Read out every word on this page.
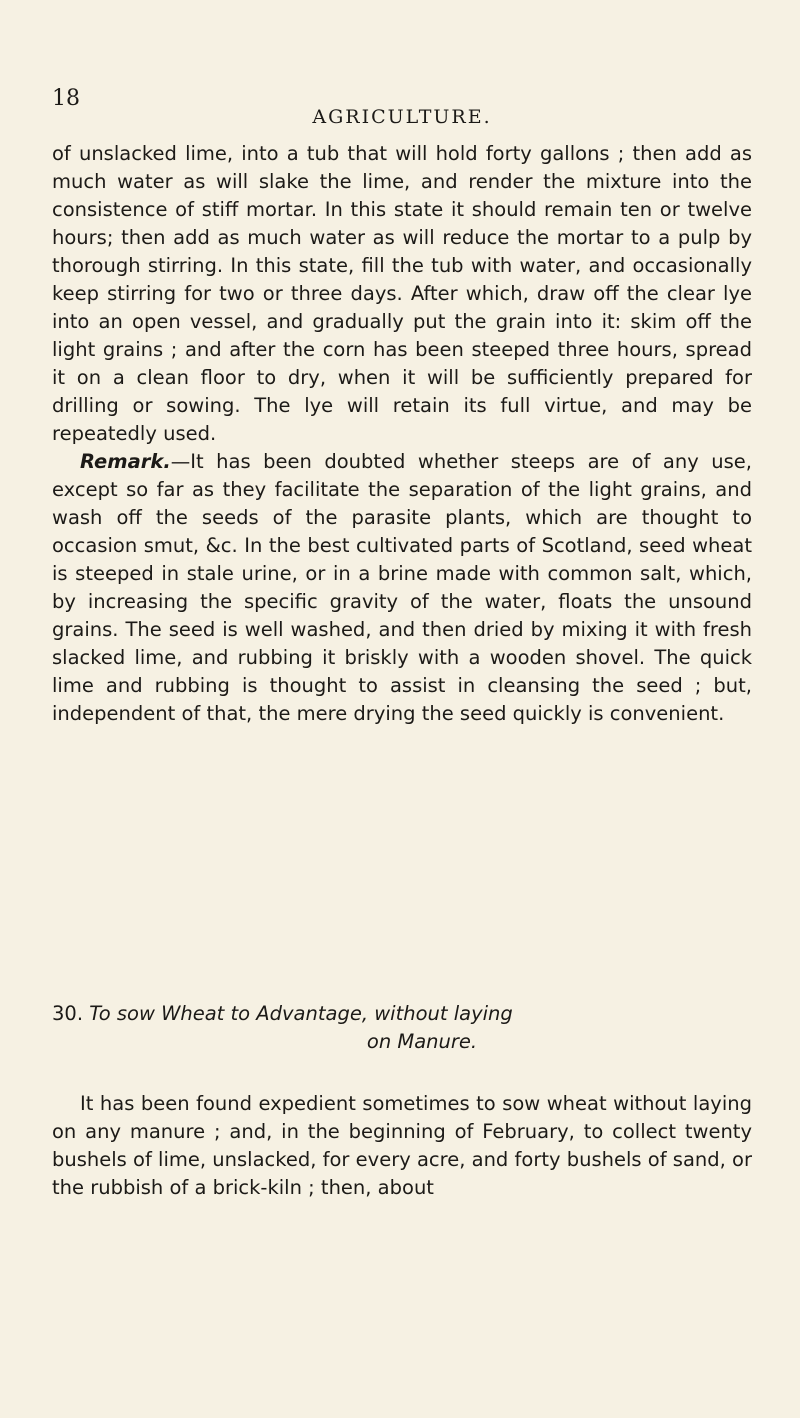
18
AGRICULTURE.

of unslacked lime, into a tub that will hold forty gallons ; then add as much water as will slake the lime, and render the mixture into the consistence of stiff mortar. In this state it should remain ten or twelve hours; then add as much water as will reduce the mortar to a pulp by thorough stirring. In this state, fill the tub with water, and occasionally keep stirring for two or three days. After which, draw off the clear lye into an open vessel, and gradually put the grain into it: skim off the light grains ; and after the corn has been steeped three hours, spread it on a clean floor to dry, when it will be sufficiently prepared for drilling or sowing. The lye will retain its full virtue, and may be repeatedly used.

Remark.—It has been doubted whether steeps are of any use, except so far as they facilitate the separation of the light grains, and wash off the seeds of the parasite plants, which are thought to occasion smut, &c. In the best cultivated parts of Scotland, seed wheat is steeped in stale urine, or in a brine made with common salt, which, by increasing the specific gravity of the water, floats the unsound grains. The seed is well washed, and then dried by mixing it with fresh slacked lime, and rubbing it briskly with a wooden shovel. The quick lime and rubbing is thought to assist in cleansing the seed ; but, independent of that, the mere drying the seed quickly is convenient.

30. To sow Wheat to Advantage, without laying
on Manure.

It has been found expedient sometimes to sow wheat without laying on any manure ; and, in the beginning of February, to collect twenty bushels of lime, unslacked, for every acre, and forty bushels of sand, or the rubbish of a brick-kiln ; then, about
